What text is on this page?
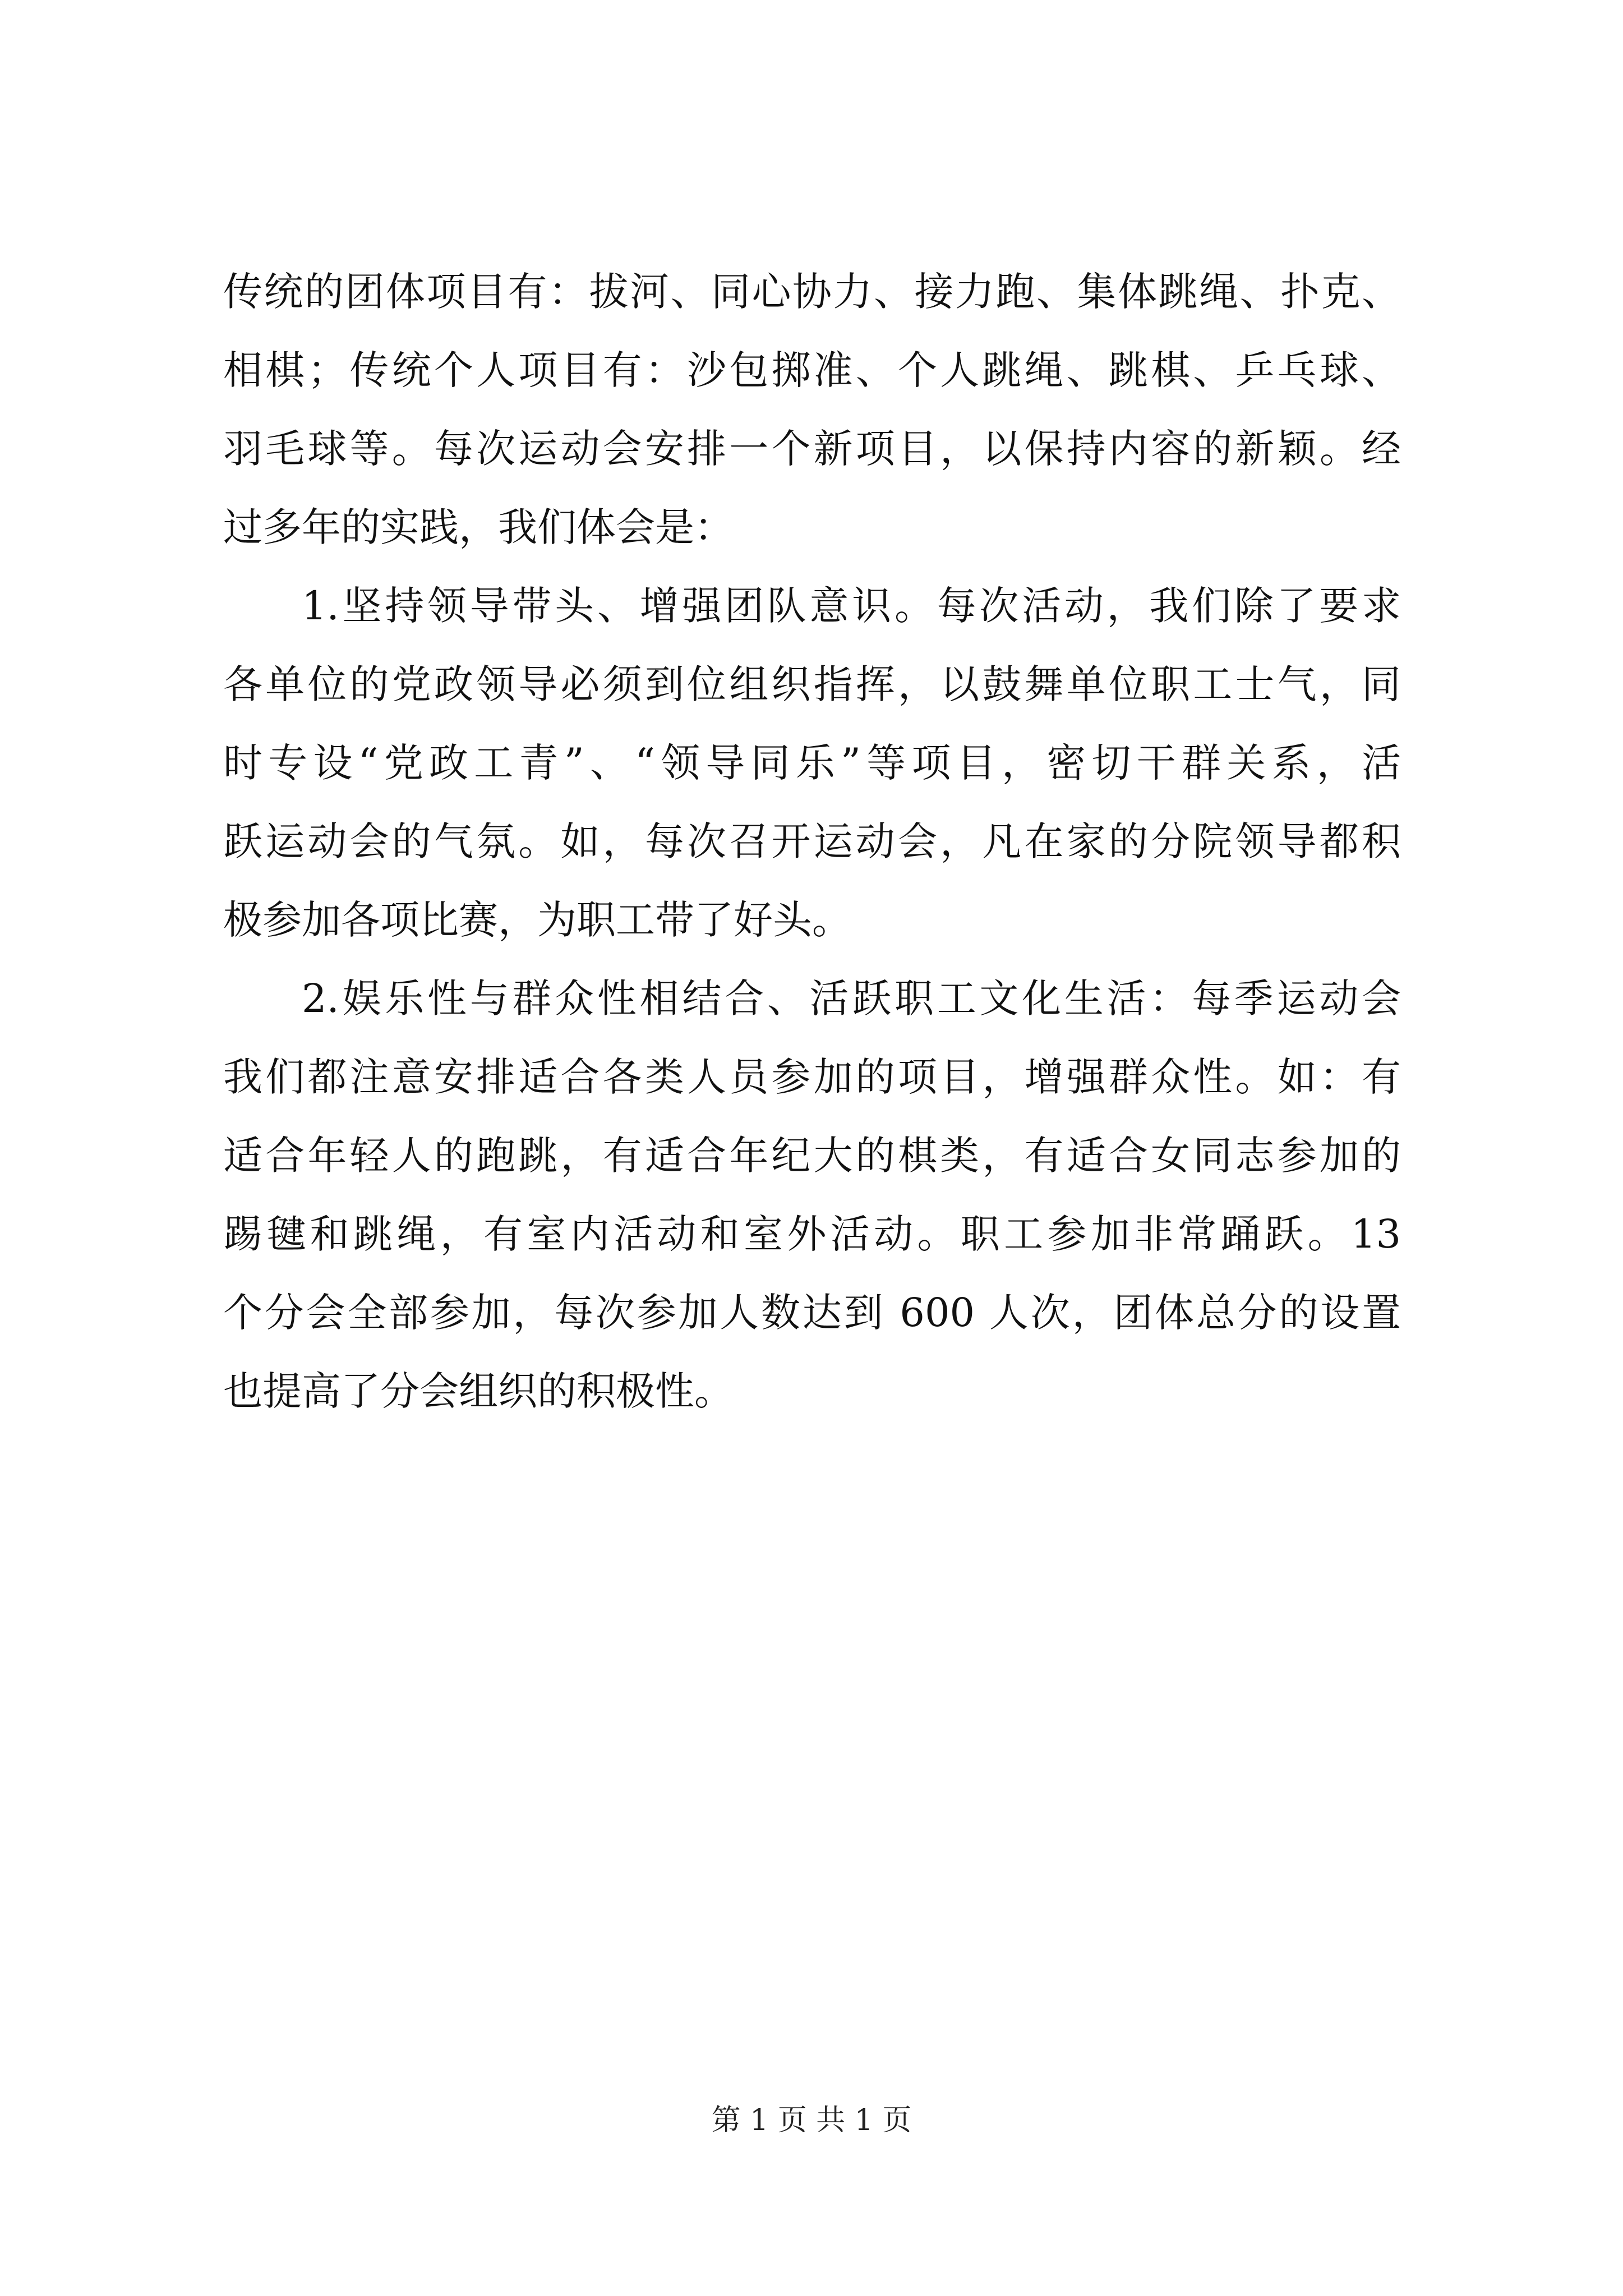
传统的团体项目有：拔河、同心协力、接力跑、集体跳绳、扑克、
相棋；传统个人项目有：沙包掷准、个人跳绳、跳棋、乒乓球、
羽毛球等。每次运动会安排一个新项目，以保持内容的新颖。经
过多年的实践，我们体会是：
1.坚持领导带头、增强团队意识。每次活动，我们除了要求
各单位的党政领导必须到位组织指挥，以鼓舞单位职工士气，同
时专设“党政工青”、“领导同乐”等项目，密切干群关系，活
跃运动会的气氛。如，每次召开运动会，凡在家的分院领导都积
极参加各项比赛，为职工带了好头。
2.娱乐性与群众性相结合、活跃职工文化生活：每季运动会
我们都注意安排适合各类人员参加的项目，增强群众性。如：有
适合年轻人的跑跳，有适合年纪大的棋类，有适合女同志参加的
踢毽和跳绳，有室内活动和室外活动。职工参加非常踊跃。13
个分会全部参加，每次参加人数达到 600 人次，团体总分的设置
也提高了分会组织的积极性。
第 1 页 共 1 页
